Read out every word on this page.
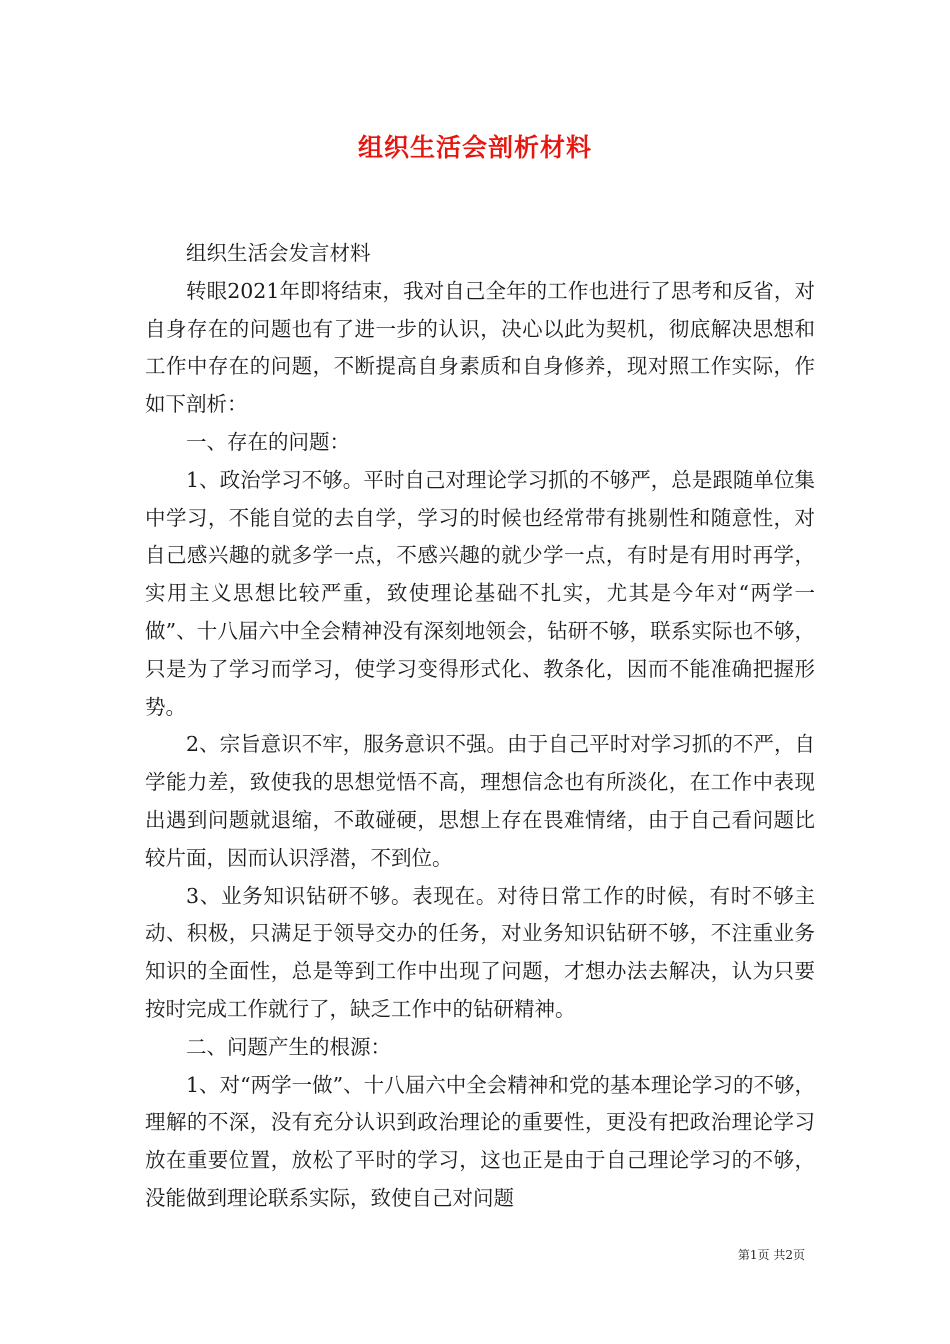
组织生活会剖析材料

组织生活会发言材料

转眼2021年即将结束，我对自己全年的工作也进行了思考和反省，对自身存在的问题也有了进一步的认识，决心以此为契机，彻底解决思想和工作中存在的问题，不断提高自身素质和自身修养，现对照工作实际，作如下剖析：

一、存在的问题：

1、政治学习不够。平时自己对理论学习抓的不够严，总是跟随单位集中学习，不能自觉的去自学，学习的时候也经常带有挑剔性和随意性，对自己感兴趣的就多学一点，不感兴趣的就少学一点，有时是有用时再学，实用主义思想比较严重，致使理论基础不扎实，尤其是今年对“两学一做”、十八届六中全会精神没有深刻地领会，钻研不够，联系实际也不够，只是为了学习而学习，使学习变得形式化、教条化，因而不能准确把握形势。

2、宗旨意识不牢，服务意识不强。由于自己平时对学习抓的不严，自学能力差，致使我的思想觉悟不高，理想信念也有所淡化，在工作中表现出遇到问题就退缩，不敢碰硬，思想上存在畏难情绪，由于自己看问题比较片面，因而认识浮潜，不到位。

3、业务知识钻研不够。表现在。对待日常工作的时候，有时不够主动、积极，只满足于领导交办的任务，对业务知识钻研不够，不注重业务知识的全面性，总是等到工作中出现了问题，才想办法去解决，认为只要按时完成工作就行了，缺乏工作中的钻研精神。

二、问题产生的根源：

1、对“两学一做”、十八届六中全会精神和党的基本理论学习的不够，理解的不深，没有充分认识到政治理论的重要性，更没有把政治理论学习放在重要位置，放松了平时的学习，这也正是由于自己理论学习的不够，没能做到理论联系实际，致使自己对问题

第1页 共2页
